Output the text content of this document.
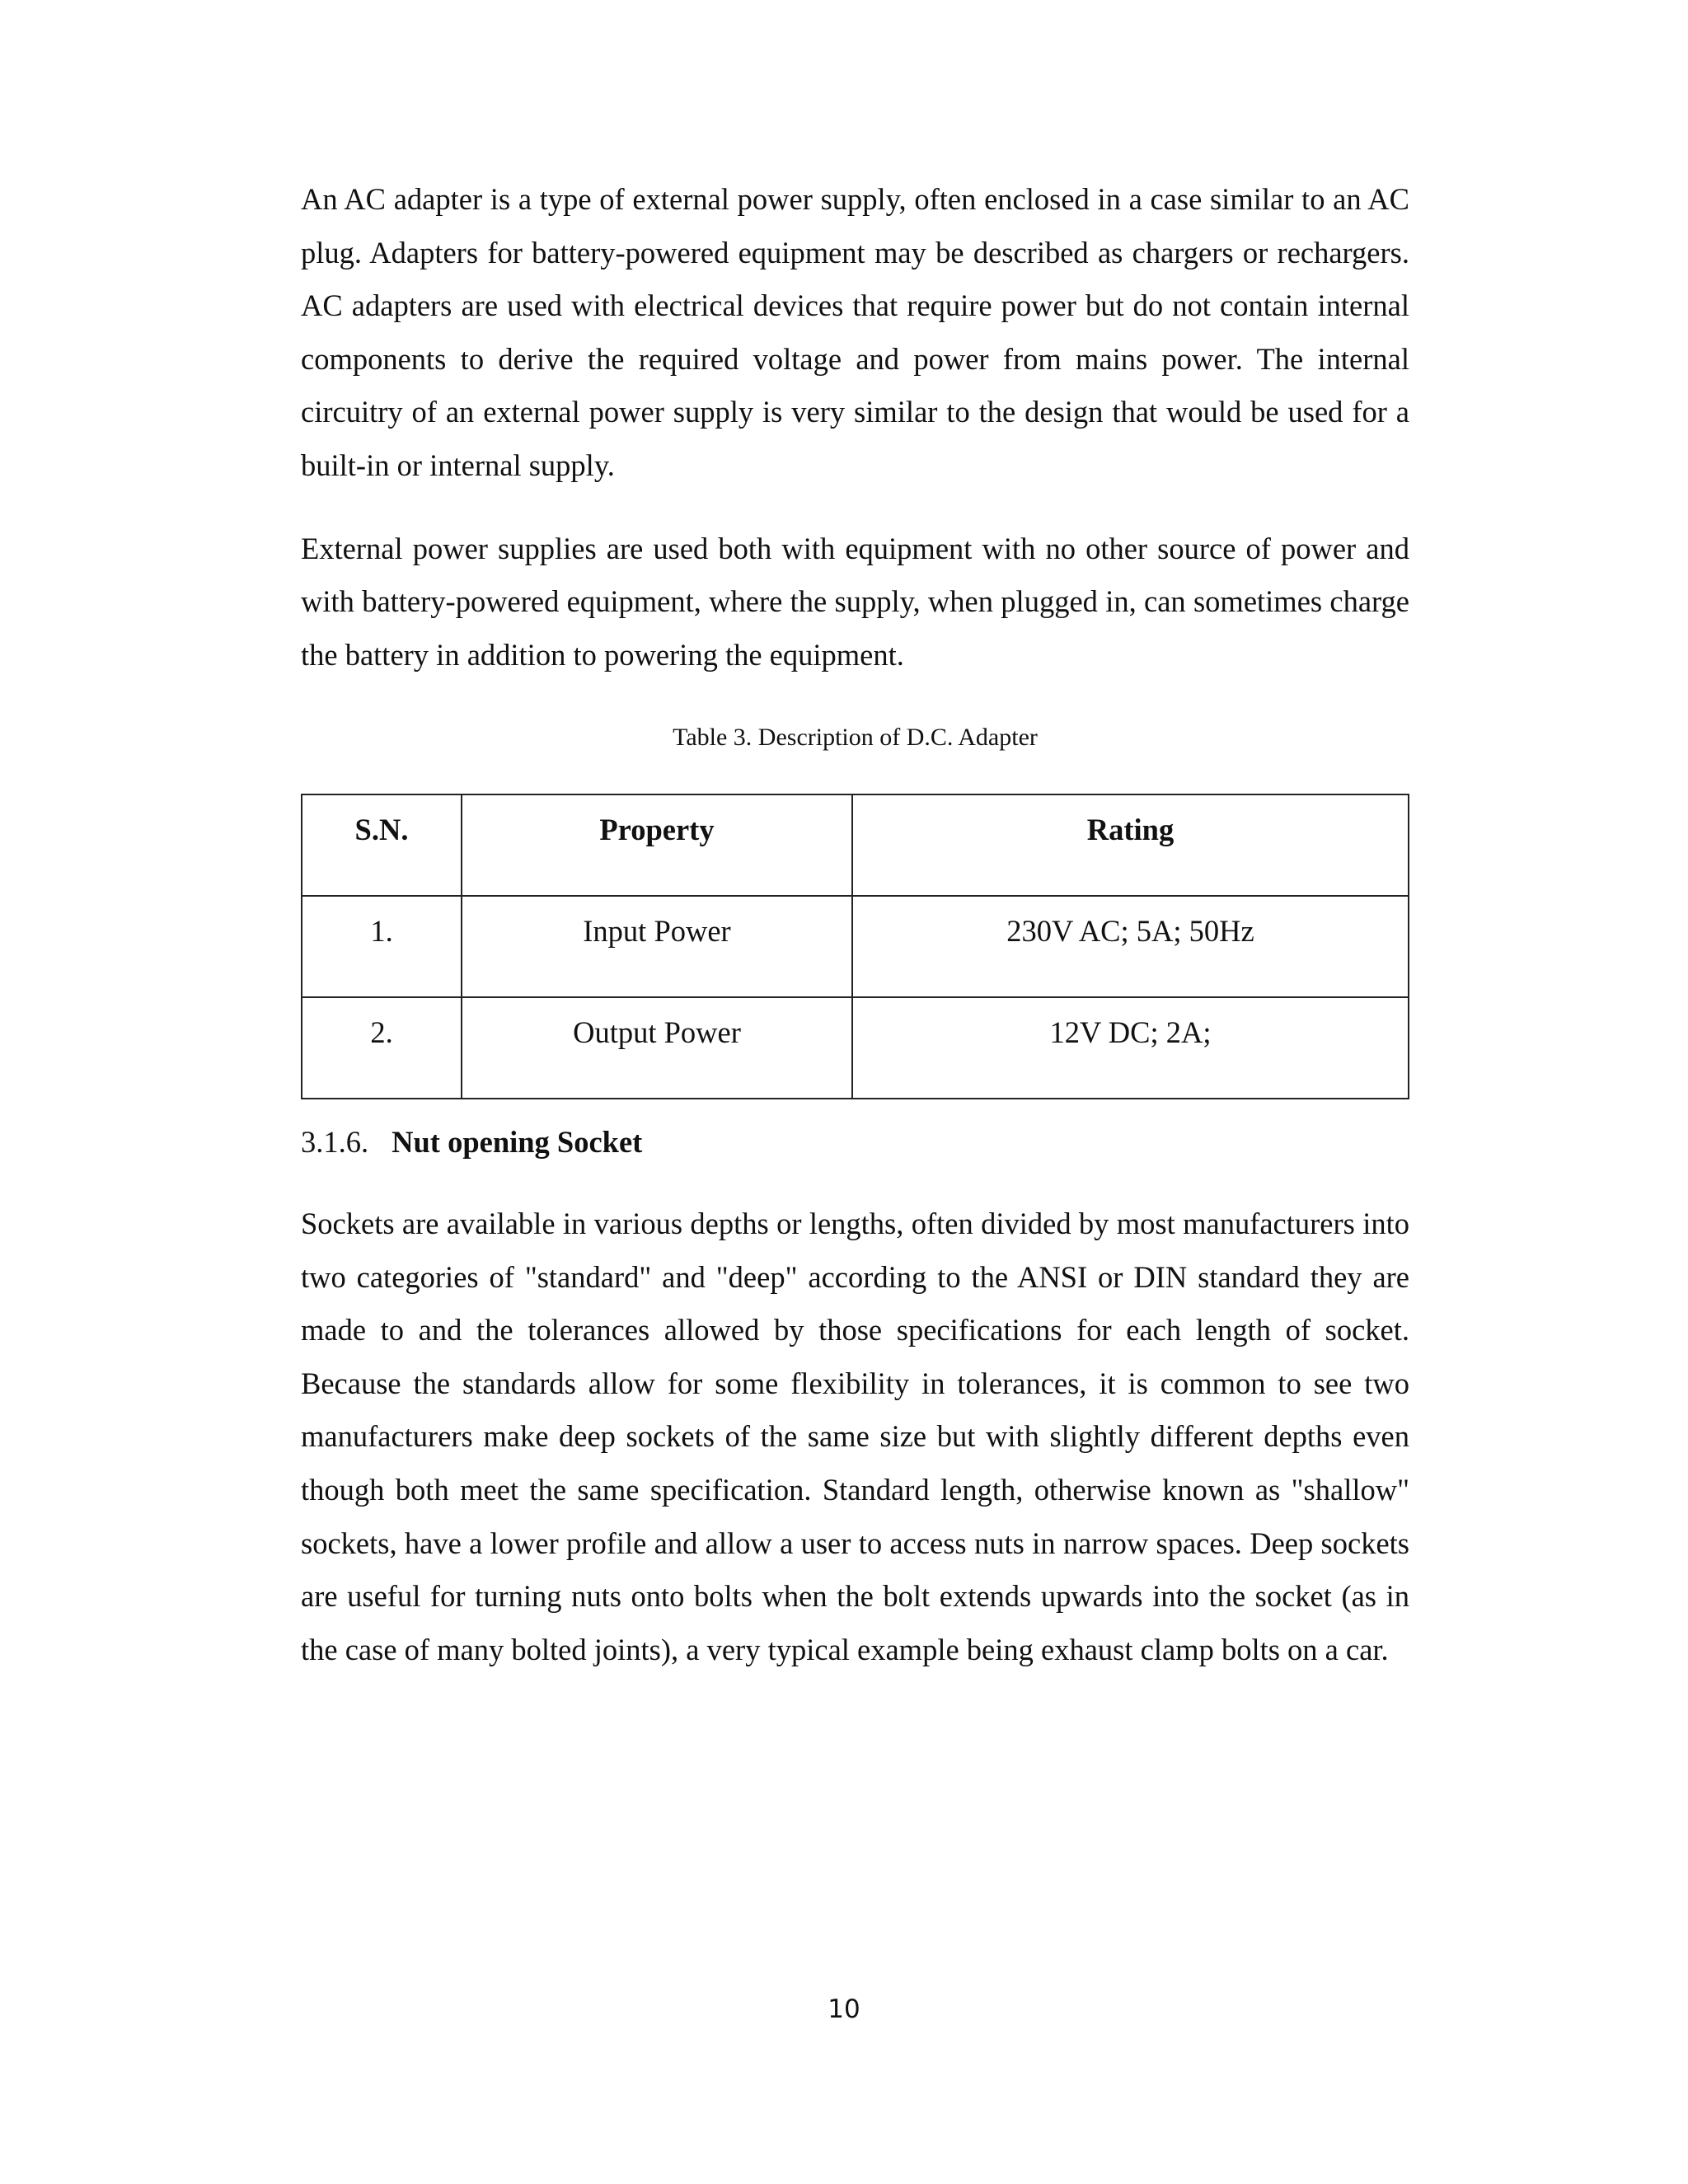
An AC adapter is a type of external power supply, often enclosed in a case similar to an AC plug. Adapters for battery-powered equipment may be described as chargers or rechargers. AC adapters are used with electrical devices that require power but do not contain internal components to derive the required voltage and power from mains power. The internal circuitry of an external power supply is very similar to the design that would be used for a built-in or internal supply.

External power supplies are used both with equipment with no other source of power and with battery-powered equipment, where the supply, when plugged in, can sometimes charge the battery in addition to powering the equipment.

Table 3. Description of D.C. Adapter

S.N.	Property	Rating

1.	Input Power	230V AC; 5A; 50Hz

2.	Output Power	12V DC; 2A;

3.1.6. Nut opening Socket

Sockets are available in various depths or lengths, often divided by most manufacturers into two categories of "standard" and "deep" according to the ANSI or DIN standard they are made to and the tolerances allowed by those specifications for each length of socket. Because the standards allow for some flexibility in tolerances, it is common to see two manufacturers make deep sockets of the same size but with slightly different depths even though both meet the same specification. Standard length, otherwise known as "shallow" sockets, have a lower profile and allow a user to access nuts in narrow spaces. Deep sockets are useful for turning nuts onto bolts when the bolt extends upwards into the socket (as in the case of many bolted joints), a very typical example being exhaust clamp bolts on a car.

10
